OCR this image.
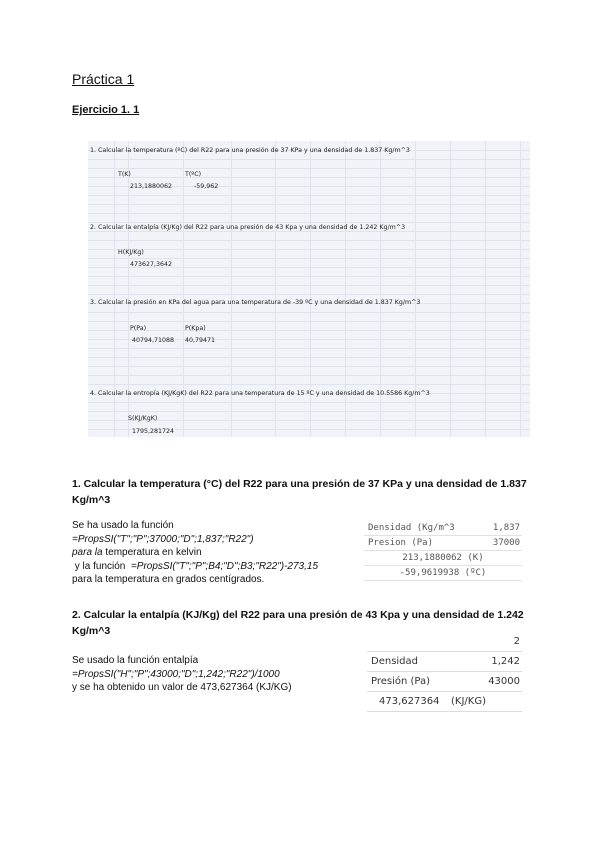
Práctica 1
Ejercicio 1. 1
1. Calcular la temperatura (ºC) del R22 para una presión de 37 KPa y una densidad de 1.837 Kg/m^3
T(K)	T(ºC)
213,1880062	-59,962
2. Calcular la entalpía (KJ/Kg) del R22 para una presión de 43 Kpa y una densidad de 1.242 Kg/m^3
H(KJ/Kg)
473627,3642
3. Calcular la presión en KPa del agua para una temperatura de -39 ºC y una densidad de 1.837 Kg/m^3
P(Pa)	P(Kpa)
40794,71088 40,79471
4. Calcular la entropía (KJ/KgK) del R22 para una temperatura de 15 ºC y una densidad de 10.5586 Kg/m^3
S(KJ/KgK)
1795,281724
1. Calcular la temperatura (°C) del R22 para una presión de 37 KPa y una densidad de 1.837 Kg/m^3
Se ha usado la función
=PropsSI("T";"P";37000;"D";1,837;"R22")
para la temperatura en kelvin
y la función  =PropsSI("T";"P";B4;"D";B3;"R22")-273,15
para la temperatura en grados centígrados.
Densidad (Kg/m^3	1,837
Presion (Pa)	37000
213,1880062 (K)
-59,9619938 (ºC)
2. Calcular la entalpía (KJ/Kg) del R22 para una presión de 43 Kpa y una densidad de 1.242 Kg/m^3
Se usado la función entalpía
=PropsSI("H";"P";43000;"D";1,242;"R22")/1000
y se ha obtenido un valor de 473,627364 (KJ/KG)
2
Densidad	1,242
Presión (Pa)	43000
473,627364 (KJ/KG)
